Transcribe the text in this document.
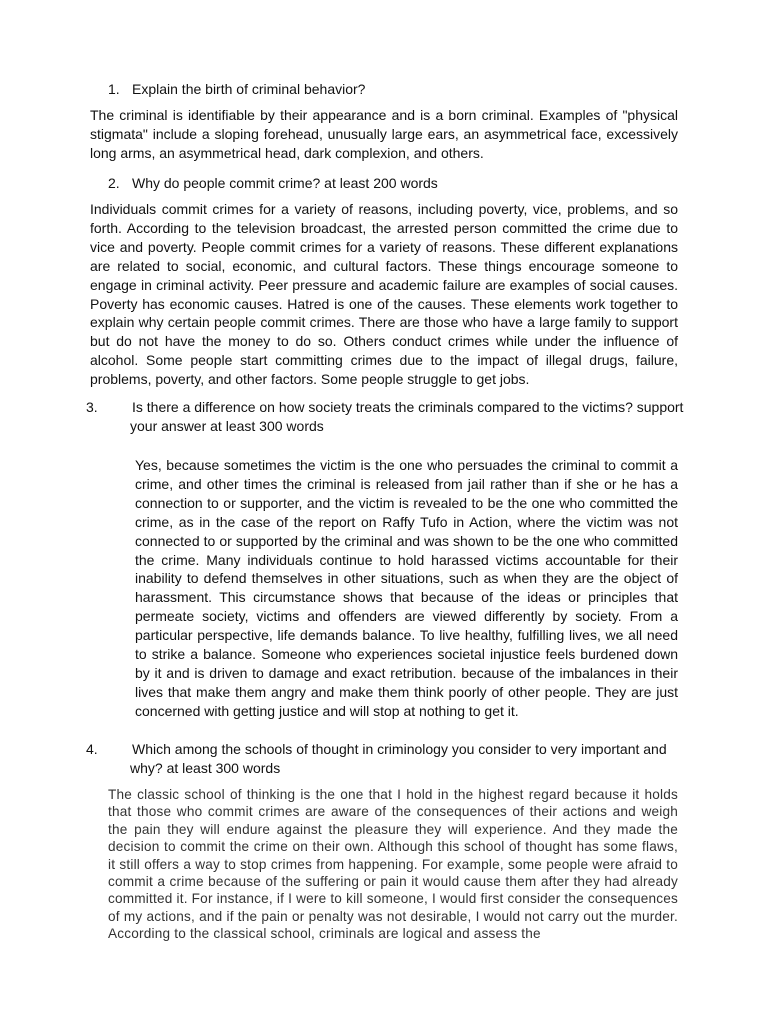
1. Explain the birth of criminal behavior?

The criminal is identifiable by their appearance and is a born criminal. Examples of "physical stigmata" include a sloping forehead, unusually large ears, an asymmetrical face, excessively long arms, an asymmetrical head, dark complexion, and others.

2. Why do people commit crime? at least 200 words

Individuals commit crimes for a variety of reasons, including poverty, vice, problems, and so forth. According to the television broadcast, the arrested person committed the crime due to vice and poverty. People commit crimes for a variety of reasons. These different explanations are related to social, economic, and cultural factors. These things encourage someone to engage in criminal activity. Peer pressure and academic failure are examples of social causes. Poverty has economic causes. Hatred is one of the causes. These elements work together to explain why certain people commit crimes. There are those who have a large family to support but do not have the money to do so. Others conduct crimes while under the influence of alcohol. Some people start committing crimes due to the impact of illegal drugs, failure, problems, poverty, and other factors. Some people struggle to get jobs.

3. Is there a difference on how society treats the criminals compared to the victims? support your answer at least 300 words

Yes, because sometimes the victim is the one who persuades the criminal to commit a crime, and other times the criminal is released from jail rather than if she or he has a connection to or supporter, and the victim is revealed to be the one who committed the crime, as in the case of the report on Raffy Tufo in Action, where the victim was not connected to or supported by the criminal and was shown to be the one who committed the crime. Many individuals continue to hold harassed victims accountable for their inability to defend themselves in other situations, such as when they are the object of harassment. This circumstance shows that because of the ideas or principles that permeate society, victims and offenders are viewed differently by society. From a particular perspective, life demands balance. To live healthy, fulfilling lives, we all need to strike a balance. Someone who experiences societal injustice feels burdened down by it and is driven to damage and exact retribution. because of the imbalances in their lives that make them angry and make them think poorly of other people. They are just concerned with getting justice and will stop at nothing to get it.

4. Which among the schools of thought in criminology you consider to very important and why? at least 300 words

The classic school of thinking is the one that I hold in the highest regard because it holds that those who commit crimes are aware of the consequences of their actions and weigh the pain they will endure against the pleasure they will experience. And they made the decision to commit the crime on their own. Although this school of thought has some flaws, it still offers a way to stop crimes from happening. For example, some people were afraid to commit a crime because of the suffering or pain it would cause them after they had already committed it. For instance, if I were to kill someone, I would first consider the consequences of my actions, and if the pain or penalty was not desirable, I would not carry out the murder. According to the classical school, criminals are logical and assess the
